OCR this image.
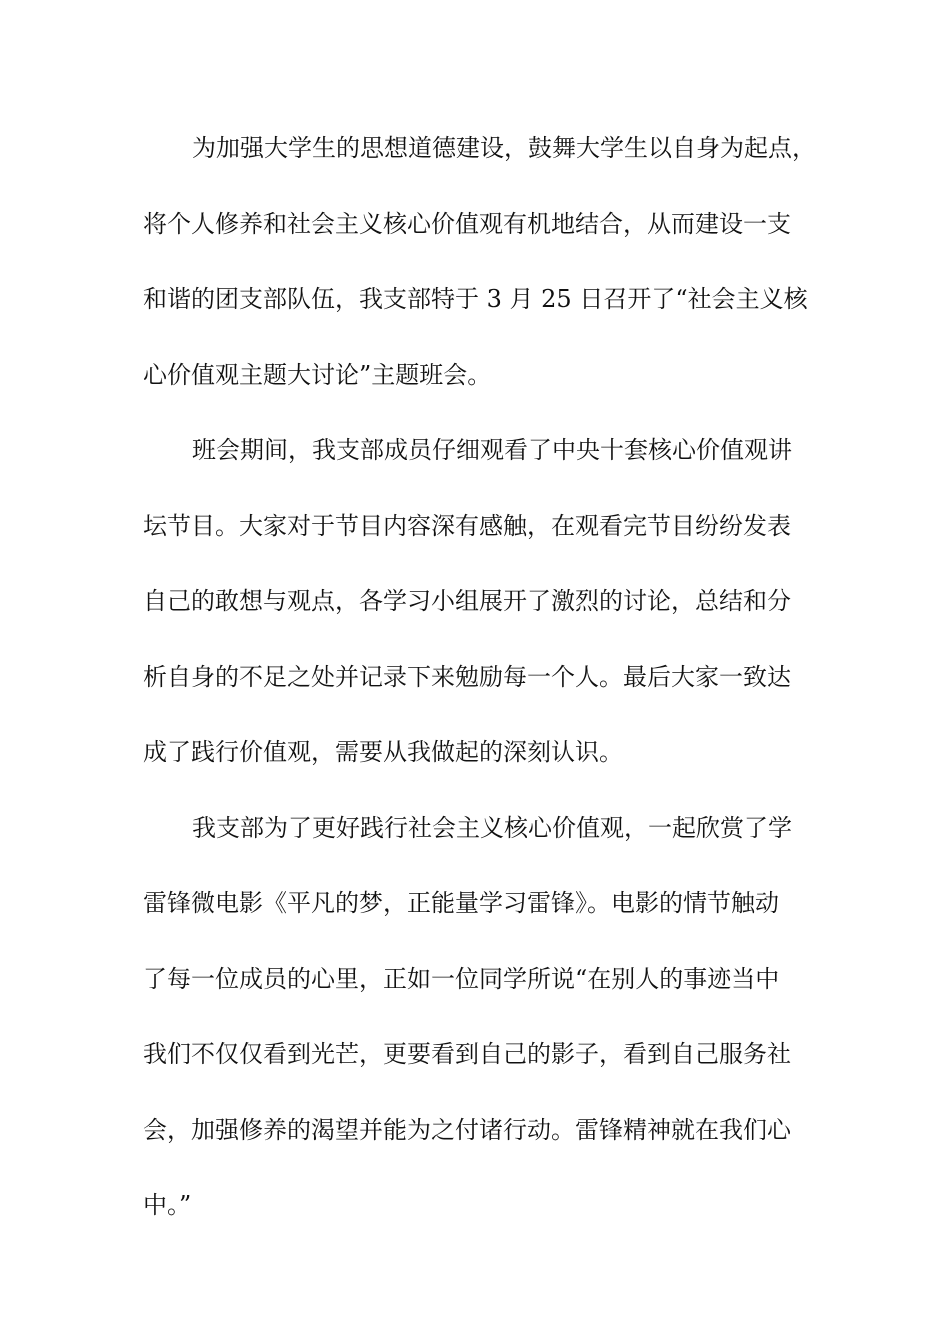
为加强大学生的思想道德建设，鼓舞大学生以自身为起点，
将个人修养和社会主义核心价值观有机地结合，从而建设一支
和谐的团支部队伍，我支部特于 3 月 25 日召开了“社会主义核
心价值观主题大讨论”主题班会。
班会期间，我支部成员仔细观看了中央十套核心价值观讲
坛节目。大家对于节目内容深有感触，在观看完节目纷纷发表
自己的敢想与观点，各学习小组展开了激烈的讨论，总结和分
析自身的不足之处并记录下来勉励每一个人。最后大家一致达
成了践行价值观，需要从我做起的深刻认识。
我支部为了更好践行社会主义核心价值观，一起欣赏了学
雷锋微电影《平凡的梦，正能量学习雷锋》。电影的情节触动
了每一位成员的心里，正如一位同学所说“在别人的事迹当中
我们不仅仅看到光芒，更要看到自己的影子，看到自己服务社
会，加强修养的渴望并能为之付诸行动。雷锋精神就在我们心
中。”
